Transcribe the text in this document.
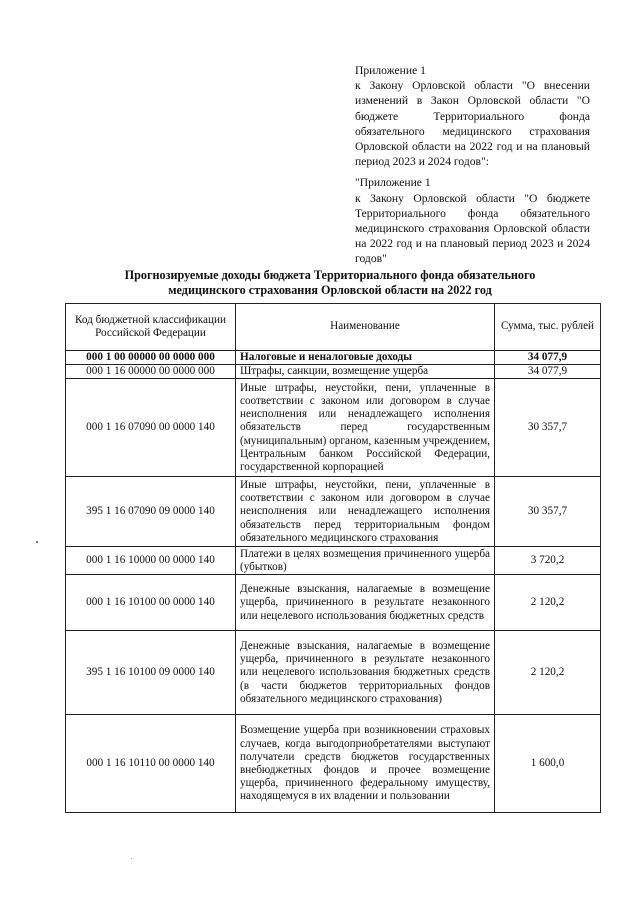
Приложение 1
к Закону Орловской области "О внесении изменений в Закон Орловской области "О бюджете Территориального фонда обязательного медицинского страхования Орловской области на 2022 год и на плановый период 2023 и 2024 годов":

"Приложение 1
к Закону Орловской области "О бюджете Территориального фонда обязательного медицинского страхования Орловской области на 2022 год и на плановый период 2023 и 2024 годов"

Прогнозируемые доходы бюджета Территориального фонда обязательного медицинского страхования Орловской области на 2022 год
Код бюджетной классификации Российской Федерации	Наименование	Сумма, тыс. рублей
000 1 00 00000 00 0000 000	Налоговые и неналоговые доходы	34 077,9
000 1 16 00000 00 0000 000	Штрафы, санкции, возмещение ущерба	34 077,9
000 1 16 07090 00 0000 140	Иные штрафы, неустойки, пени, уплаченные в соответствии с законом или договором в случае неисполнения или ненадлежащего исполнения обязательств перед государственным (муниципальным) органом, казенным учреждением, Центральным банком Российской Федерации, государственной корпорацией	30 357,7
395 1 16 07090 09 0000 140	Иные штрафы, неустойки, пени, уплаченные в соответствии с законом или договором в случае неисполнения или ненадлежащего исполнения обязательств перед территориальным фондом обязательного медицинского страхования	30 357,7
000 1 16 10000 00 0000 140	Платежи в целях возмещения причиненного ущерба (убытков)	3 720,2
000 1 16 10100 00 0000 140	Денежные взыскания, налагаемые в возмещение ущерба, причиненного в результате незаконного или нецелевого использования бюджетных средств	2 120,2
395 1 16 10100 09 0000 140	Денежные взыскания, налагаемые в возмещение ущерба, причиненного в результате незаконного или нецелевого использования бюджетных средств (в части бюджетов территориальных фондов обязательного медицинского страхования)	2 120,2
000 1 16 10110 00 0000 140	Возмещение ущерба при возникновении страховых случаев, когда выгодоприобретателями выступают получатели средств бюджетов государственных внебюджетных фондов и прочее возмещение ущерба, причиненного федеральному имуществу, находящемуся в их владении и пользовании	1 600,0
